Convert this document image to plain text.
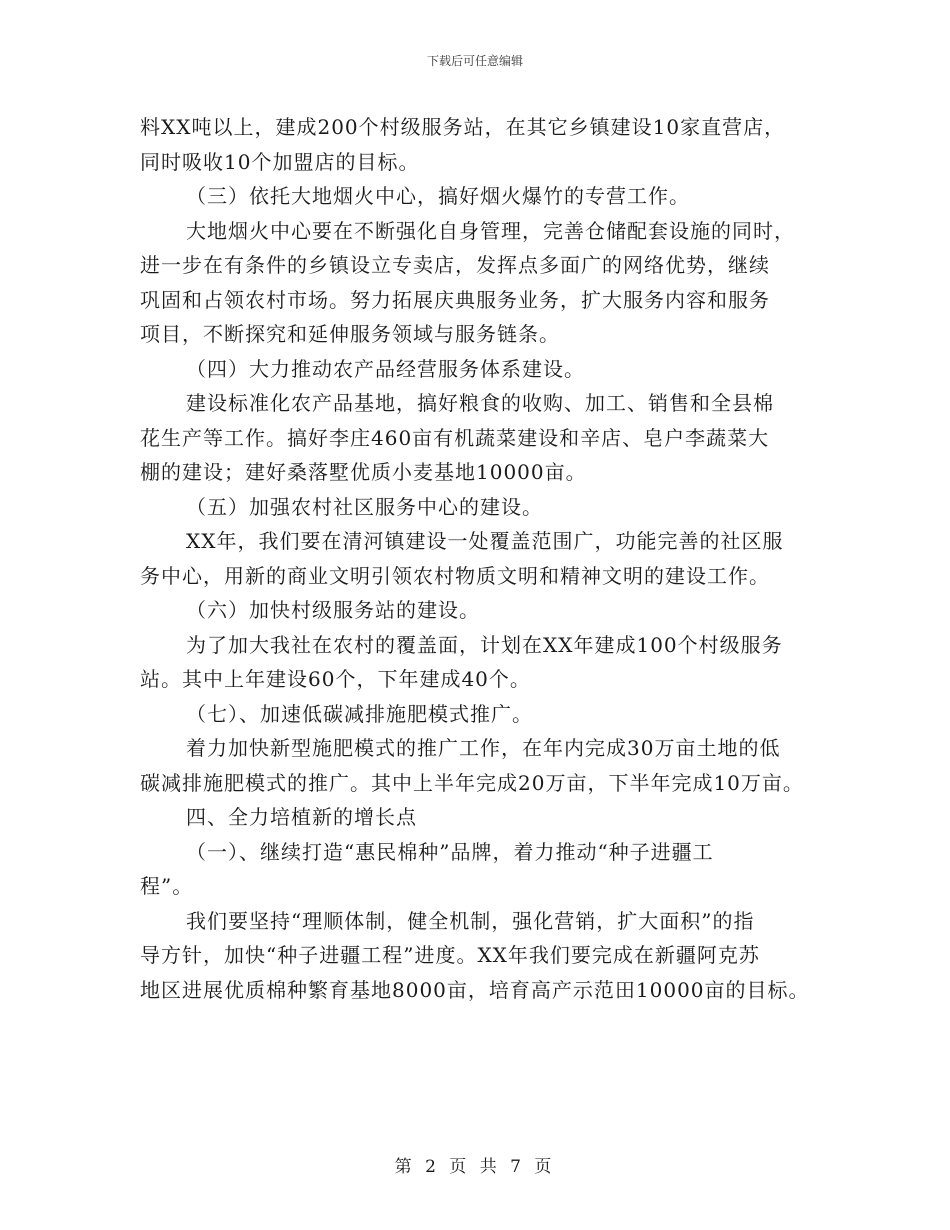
下载后可任意编辑
料XX吨以上，建成200个村级服务站，在其它乡镇建设10家直营店，
同时吸收10个加盟店的目标。
（三）依托大地烟火中心，搞好烟火爆竹的专营工作。
大地烟火中心要在不断强化自身管理，完善仓储配套设施的同时，
进一步在有条件的乡镇设立专卖店，发挥点多面广的网络优势，继续
巩固和占领农村市场。努力拓展庆典服务业务，扩大服务内容和服务
项目，不断探究和延伸服务领域与服务链条。
（四）大力推动农产品经营服务体系建设。
建设标准化农产品基地，搞好粮食的收购、加工、销售和全县棉
花生产等工作。搞好李庄460亩有机蔬菜建设和辛店、皂户李蔬菜大
棚的建设；建好桑落墅优质小麦基地10000亩。
（五）加强农村社区服务中心的建设。
XX年，我们要在清河镇建设一处覆盖范围广，功能完善的社区服
务中心，用新的商业文明引领农村物质文明和精神文明的建设工作。
（六）加快村级服务站的建设。
为了加大我社在农村的覆盖面，计划在XX年建成100个村级服务
站。其中上年建设60个，下年建成40个。
（七）、加速低碳减排施肥模式推广。
着力加快新型施肥模式的推广工作，在年内完成30万亩土地的低
碳减排施肥模式的推广。其中上半年完成20万亩，下半年完成10万亩。
四、全力培植新的增长点
（一）、继续打造“惠民棉种”品牌，着力推动“种子进疆工
程”。
我们要坚持“理顺体制，健全机制，强化营销，扩大面积”的指
导方针，加快“种子进疆工程”进度。XX年我们要完成在新疆阿克苏
地区进展优质棉种繁育基地8000亩，培育高产示范田10000亩的目标。
第 2 页 共 7 页
